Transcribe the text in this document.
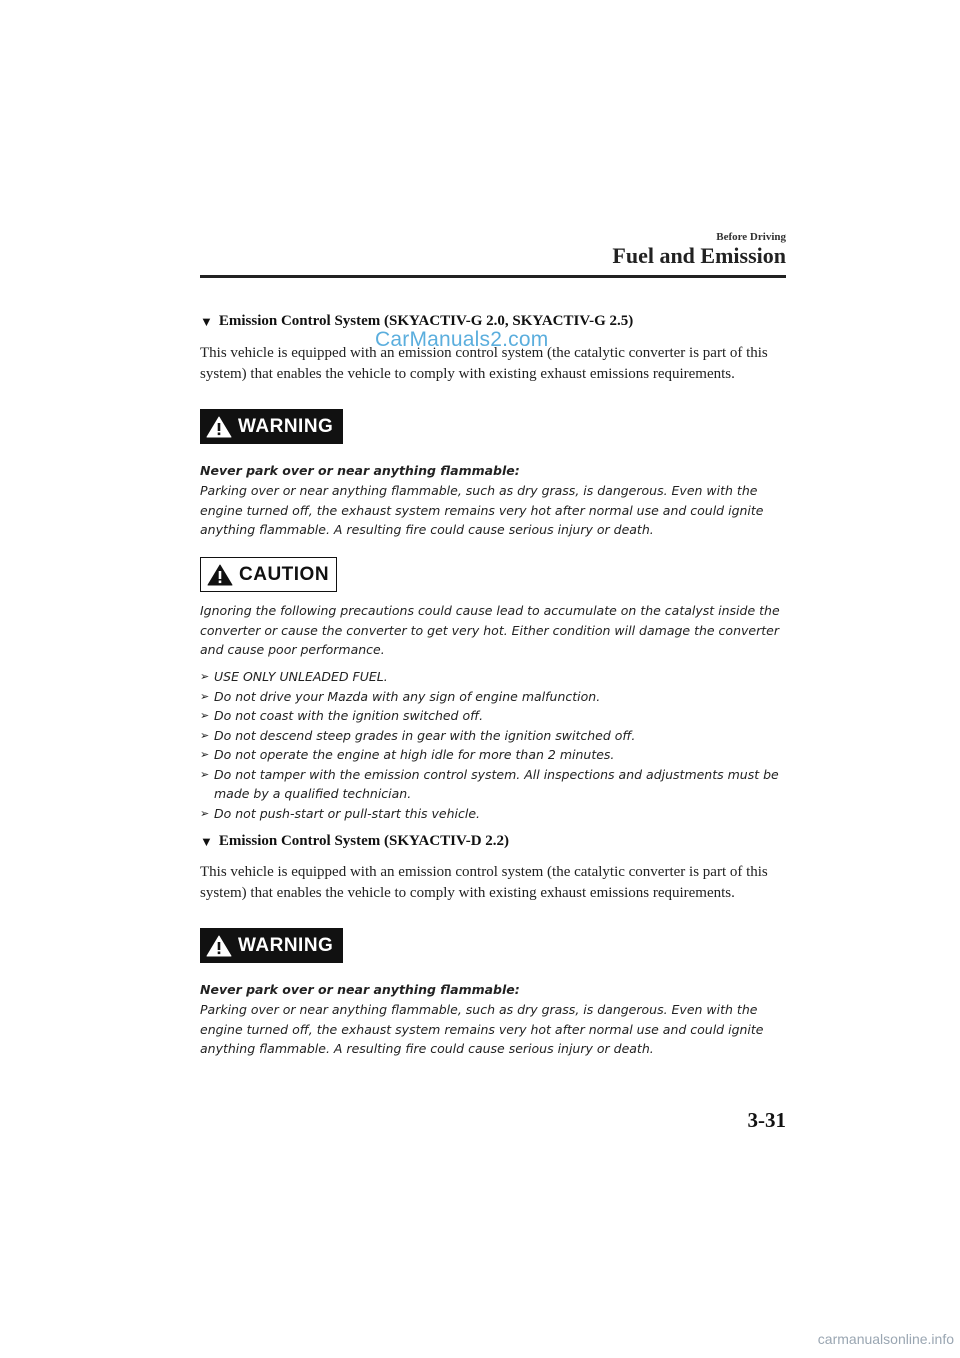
Before Driving
Fuel and Emission
▼ Emission Control System (SKYACTIV-G 2.0, SKYACTIV-G 2.5)
This vehicle is equipped with an emission control system (the catalytic converter is part of this system) that enables the vehicle to comply with existing exhaust emissions requirements.
CarManuals2.com
WARNING
Never park over or near anything flammable:
Parking over or near anything flammable, such as dry grass, is dangerous. Even with the engine turned off, the exhaust system remains very hot after normal use and could ignite anything flammable. A resulting fire could cause serious injury or death.
CAUTION
Ignoring the following precautions could cause lead to accumulate on the catalyst inside the converter or cause the converter to get very hot. Either condition will damage the converter and cause poor performance.
➢ USE ONLY UNLEADED FUEL.
➢ Do not drive your Mazda with any sign of engine malfunction.
➢ Do not coast with the ignition switched off.
➢ Do not descend steep grades in gear with the ignition switched off.
➢ Do not operate the engine at high idle for more than 2 minutes.
➢ Do not tamper with the emission control system. All inspections and adjustments must be made by a qualified technician.
➢ Do not push-start or pull-start this vehicle.
▼ Emission Control System (SKYACTIV-D 2.2)
This vehicle is equipped with an emission control system (the catalytic converter is part of this system) that enables the vehicle to comply with existing exhaust emissions requirements.
WARNING
Never park over or near anything flammable:
Parking over or near anything flammable, such as dry grass, is dangerous. Even with the engine turned off, the exhaust system remains very hot after normal use and could ignite anything flammable. A resulting fire could cause serious injury or death.
3-31
carmanualsonline.info
